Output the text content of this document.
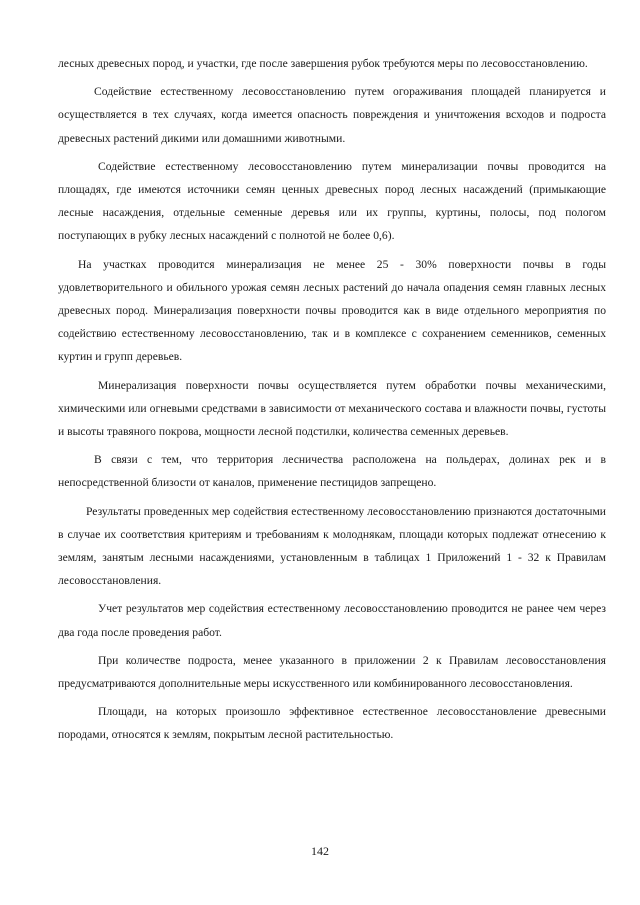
лесных древесных пород, и участки, где после завершения рубок требуются меры по лесовосстановлению.

Содействие естественному лесовосстановлению путем огораживания площадей планируется и осуществляется в тех случаях, когда имеется опасность повреждения и уничтожения всходов и подроста древесных растений дикими или домашними животными.

Содействие естественному лесовосстановлению путем минерализации почвы проводится на площадях, где имеются источники семян ценных древесных пород лесных насаждений (примыкающие лесные насаждения, отдельные семенные деревья или их группы, куртины, полосы, под пологом поступающих в рубку лесных насаждений с полнотой не более 0,6).

На участках проводится минерализация не менее 25 - 30% поверхности почвы в годы удовлетворительного и обильного урожая семян лесных растений до начала опадения семян главных лесных древесных пород. Минерализация поверхности почвы проводится как в виде отдельного мероприятия по содействию естественному лесовосстановлению, так и в комплексе с сохранением семенников, семенных куртин и групп деревьев.

Минерализация поверхности почвы осуществляется путем обработки почвы механическими, химическими или огневыми средствами в зависимости от механического состава и влажности почвы, густоты и высоты травяного покрова, мощности лесной подстилки, количества семенных деревьев.

В связи с тем, что территория лесничества расположена на польдерах, долинах рек и в непосредственной близости от каналов, применение пестицидов запрещено.

Результаты проведенных мер содействия естественному лесовосстановлению признаются достаточными в случае их соответствия критериям и требованиям к молоднякам, площади которых подлежат отнесению к землям, занятым лесными насаждениями, установленным в таблицах 1 Приложений 1 - 32 к Правилам лесовосстановления.

Учет результатов мер содействия естественному лесовосстановлению проводится не ранее чем через два года после проведения работ.

При количестве подроста, менее указанного в приложении 2 к Правилам лесовосстановления предусматриваются дополнительные меры искусственного или комбинированного лесовосстановления.

Площади, на которых произошло эффективное естественное лесовосстановление древесными породами, относятся к землям, покрытым лесной растительностью.

142
